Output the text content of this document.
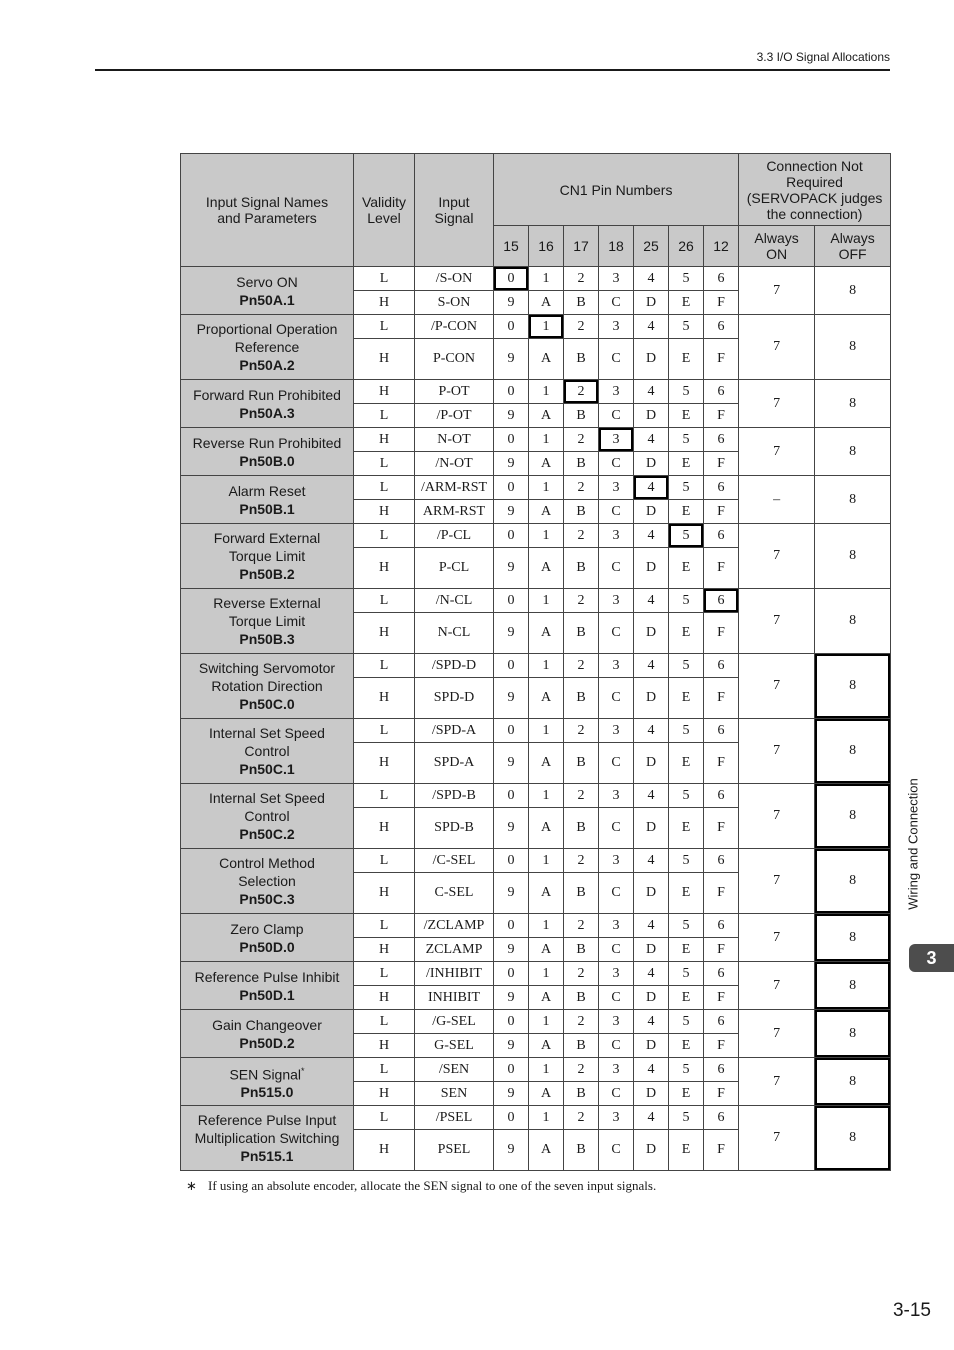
3.3 I/O Signal Allocations
Input Signal Names and Parameters	Validity Level	Input Signal	CN1 Pin Numbers							Connection Not Required (SERVOPACK judges the connection)	
			15	16	17	18	25	26	12	Always ON	Always OFF
Servo ON

Pn50A.1	L	/S-ON	0	1	2	3	4	5	6	7	8
	H	S-ON	9	A	B	C	D	E	F		
Proportional Operation
Reference

Pn50A.2	L	/P-CON	0	1	2	3	4	5	6	7	8
	H	P-CON	9	A	B	C	D	E	F		
Forward Run Prohibited

Pn50A.3	H	P-OT	0	1	2	3	4	5	6	7	8
	L	/P-OT	9	A	B	C	D	E	F		
Reverse Run Prohibited

Pn50B.0	H	N-OT	0	1	2	3	4	5	6	7	8
	L	/N-OT	9	A	B	C	D	E	F		
Alarm Reset

Pn50B.1	L	/ARM-RST	0	1	2	3	4	5	6	–	8
	H	ARM-RST	9	A	B	C	D	E	F		
Forward External
Torque Limit

Pn50B.2	L	/P-CL	0	1	2	3	4	5	6	7	8
	H	P-CL	9	A	B	C	D	E	F		
Reverse External
Torque Limit

Pn50B.3	L	/N-CL	0	1	2	3	4	5	6	7	8
	H	N-CL	9	A	B	C	D	E	F		
Switching Servomotor
Rotation Direction

Pn50C.0	L	/SPD-D	0	1	2	3	4	5	6	7	8
	H	SPD-D	9	A	B	C	D	E	F		
Internal Set Speed
Control

Pn50C.1	L	/SPD-A	0	1	2	3	4	5	6	7	8
	H	SPD-A	9	A	B	C	D	E	F		
Internal Set Speed
Control

Pn50C.2	L	/SPD-B	0	1	2	3	4	5	6	7	8
	H	SPD-B	9	A	B	C	D	E	F		
Control Method
Selection

Pn50C.3	L	/C-SEL	0	1	2	3	4	5	6	7	8
	H	C-SEL	9	A	B	C	D	E	F		
Zero Clamp

Pn50D.0	L	/ZCLAMP	0	1	2	3	4	5	6	7	8
	H	ZCLAMP	9	A	B	C	D	E	F		
Reference Pulse Inhibit

Pn50D.1	L	/INHIBIT	0	1	2	3	4	5	6	7	8
	H	INHIBIT	9	A	B	C	D	E	F		
Gain Changeover

Pn50D.2	L	/G-SEL	0	1	2	3	4	5	6	7	8
	H	G-SEL	9	A	B	C	D	E	F		
SEN Signal*

Pn515.0	L	/SEN	0	1	2	3	4	5	6	7	8
	H	SEN	9	A	B	C	D	E	F		
Reference Pulse Input
Multiplication Switching

Pn515.1	L	/PSEL	0	1	2	3	4	5	6	7	8
	H	PSEL	9	A	B	C	D	E	F		
∗ If using an absolute encoder, allocate the SEN signal to one of the seven input signals.
Wiring and Connection
3
3-15
